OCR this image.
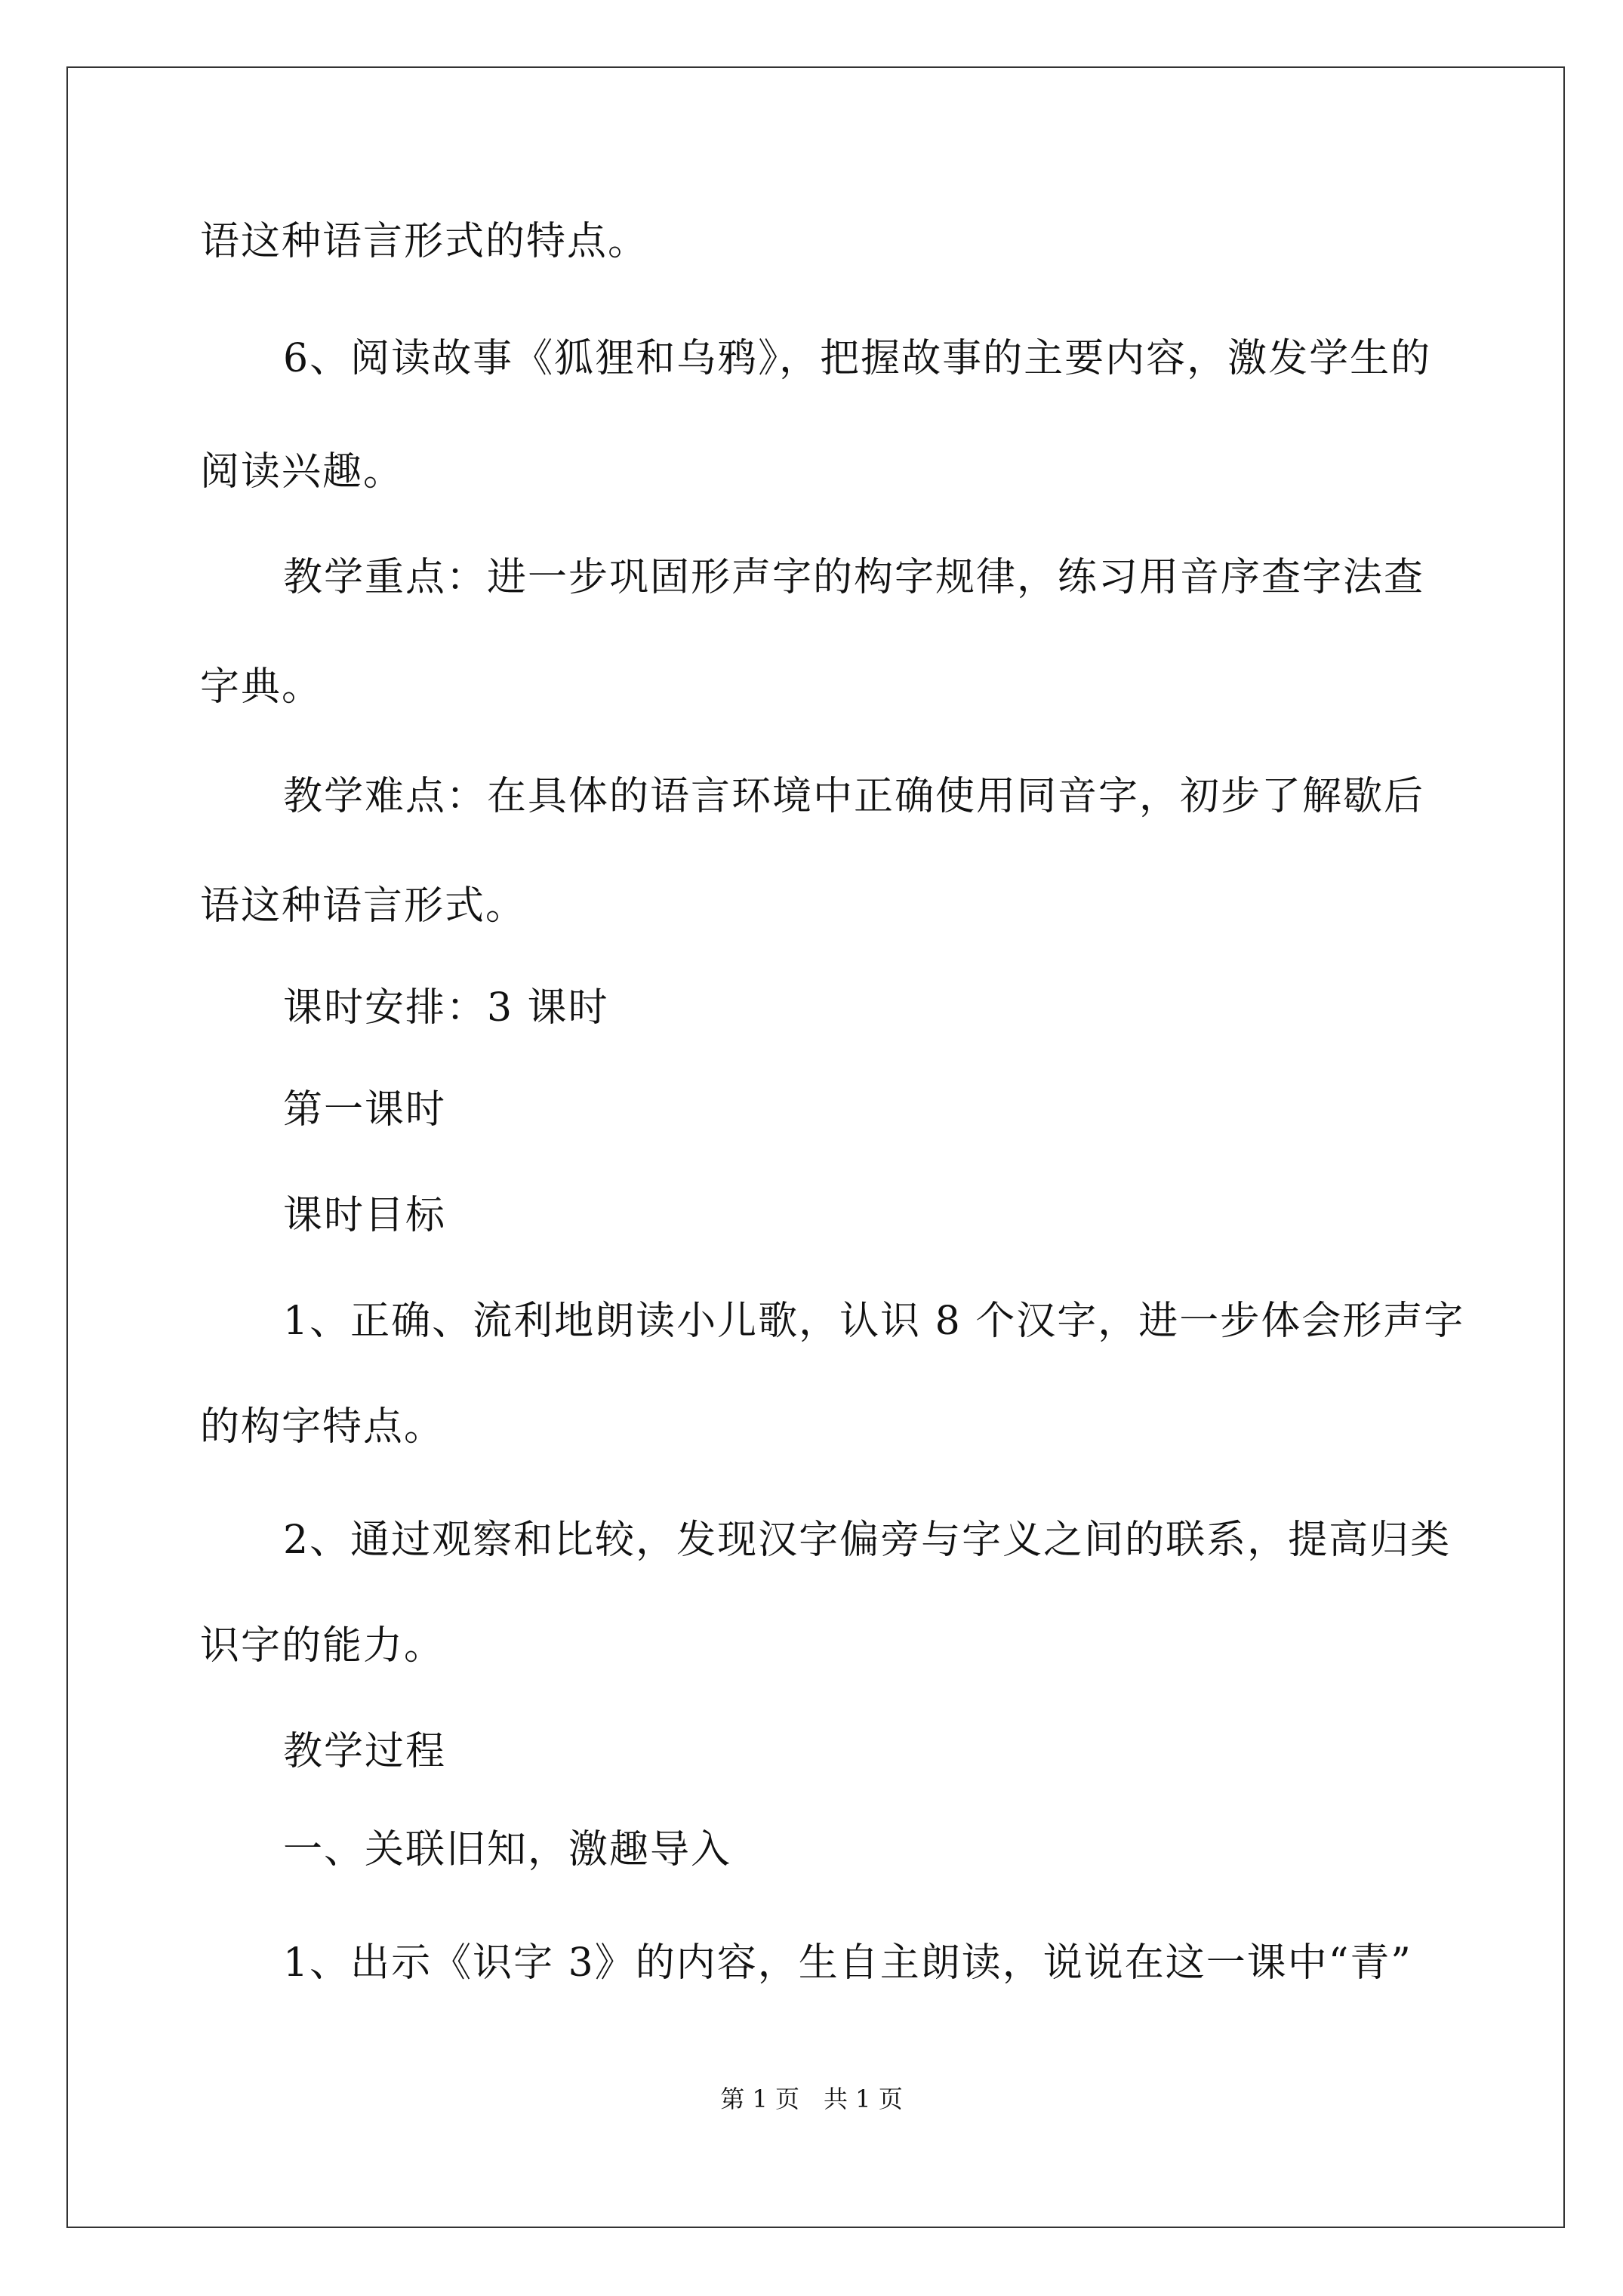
语这种语言形式的特点。
6、阅读故事《狐狸和乌鸦》，把握故事的主要内容，激发学生的
阅读兴趣。
教学重点：进一步巩固形声字的构字规律，练习用音序查字法查
字典。
教学难点：在具体的语言环境中正确使用同音字，初步了解歇后
语这种语言形式。
课时安排：3 课时
第一课时
课时目标
1、正确、流利地朗读小儿歌，认识 8 个汉字，进一步体会形声字
的构字特点。
2、通过观察和比较，发现汉字偏旁与字义之间的联系，提高归类
识字的能力。
教学过程
一、关联旧知，激趣导入
1、出示《识字 3》的内容，生自主朗读，说说在这一课中“青”
第 1 页　共 1 页
